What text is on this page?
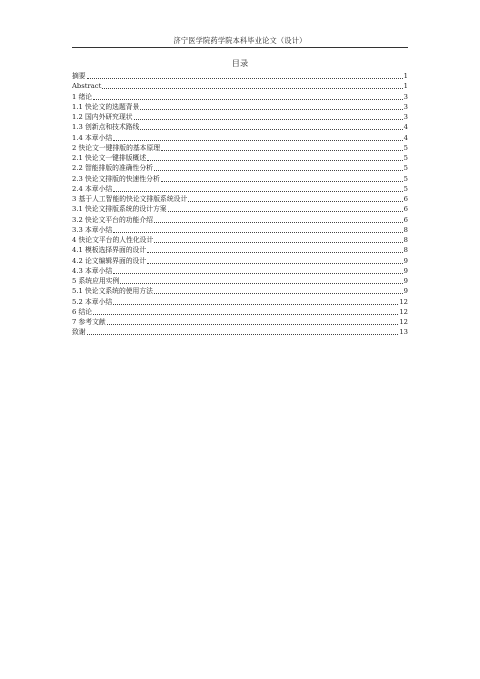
济宁医学院药学院本科毕业论文（设计）
目录
摘要	1
Abstract	1
1 绪论	3
1.1 快论文的选题背景	3
1.2 国内外研究现状	3
1.3 创新点和技术路线	4
1.4 本章小结	4
2 快论文一键排版的基本原理	5
2.1 快论文一键排版概述	5
2.2 智能排版的准确性分析	5
2.3 快论文排版的快速性分析	5
2.4 本章小结	5
3 基于人工智能的快论文排版系统设计	6
3.1 快论文排版系统的设计方案	6
3.2 快论文平台的功能介绍	6
3.3 本章小结	8
4 快论文平台的人性化设计	8
4.1 模板选择界面的设计	8
4.2 论文编辑界面的设计	9
4.3 本章小结	9
5 系统应用实例	9
5.1 快论文系统的使用方法	9
5.2 本章小结	12
6 结论	12
7 参考文献	12
致谢	13
